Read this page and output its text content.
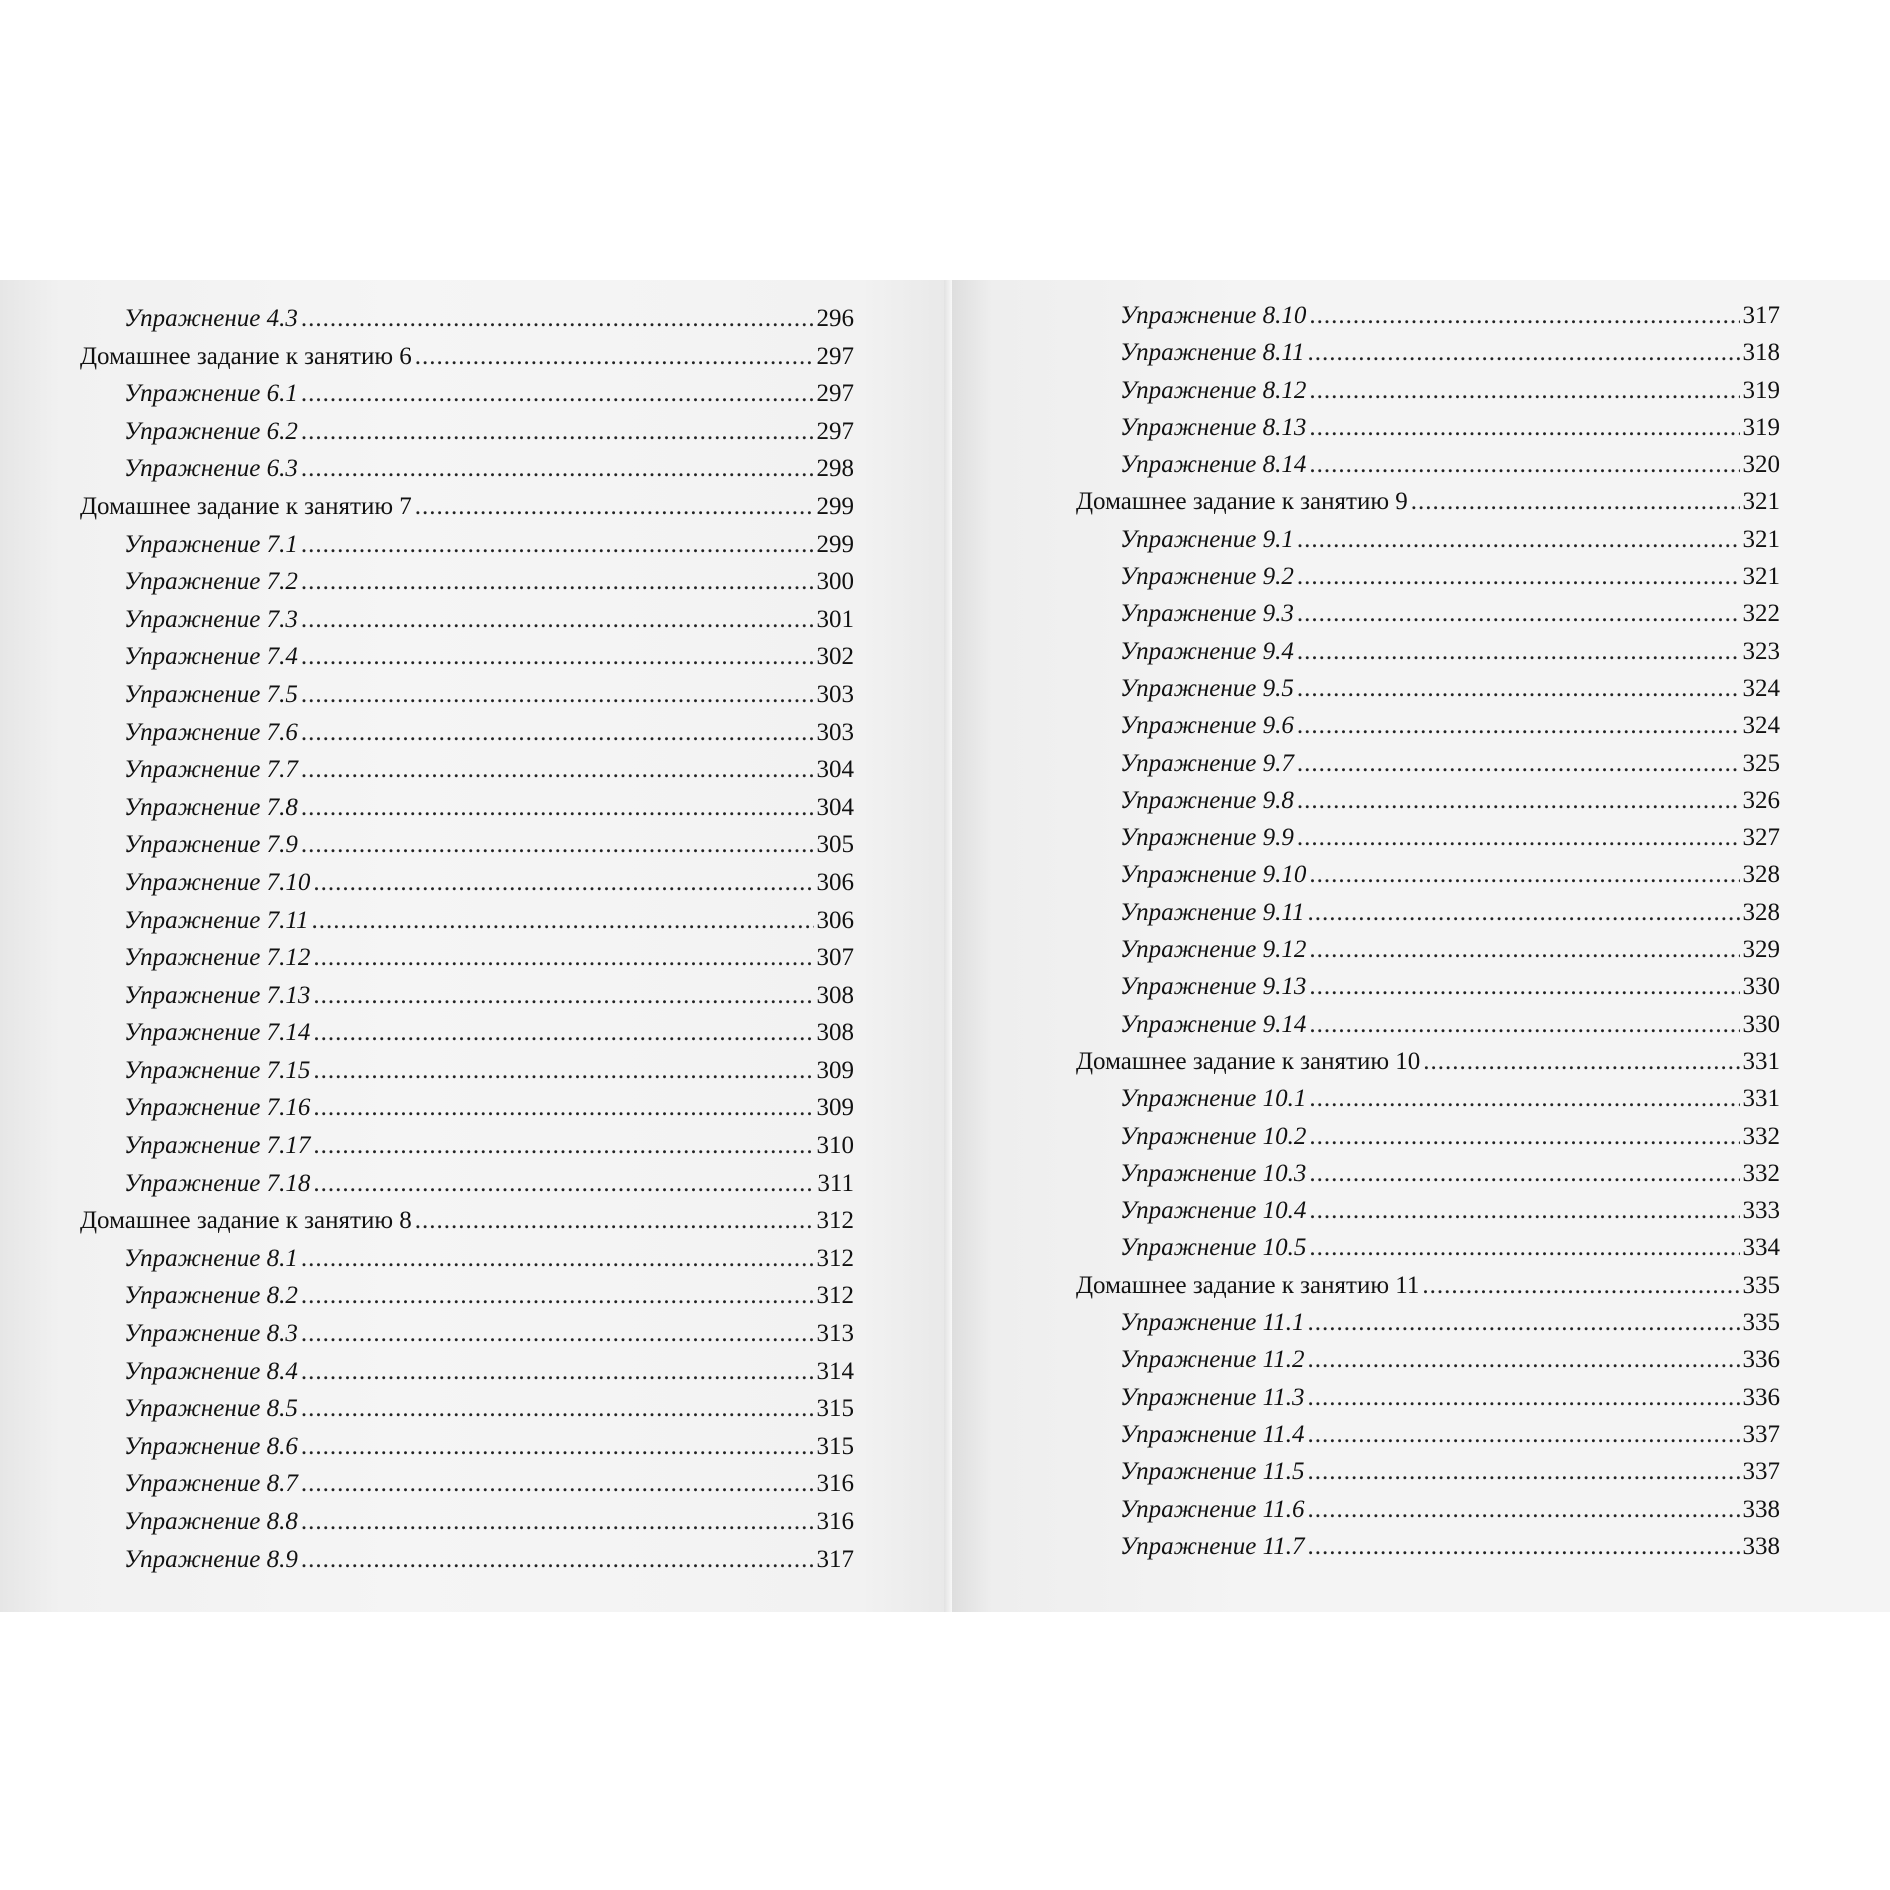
Упражнение 4.3 .....	296
Домашнее задание к занятию 6 .....	297
Упражнение 6.1 .....	297
Упражнение 6.2 .....	297
Упражнение 6.3 .....	298
Домашнее задание к занятию 7 .....	299
Упражнение 7.1 .....	299
Упражнение 7.2 .....	300
Упражнение 7.3 .....	301
Упражнение 7.4 .....	302
Упражнение 7.5 .....	303
Упражнение 7.6 .....	303
Упражнение 7.7 .....	304
Упражнение 7.8 .....	304
Упражнение 7.9 .....	305
Упражнение 7.10 .....	306
Упражнение 7.11 .....	306
Упражнение 7.12 .....	307
Упражнение 7.13 .....	308
Упражнение 7.14 .....	308
Упражнение 7.15 .....	309
Упражнение 7.16 .....	309
Упражнение 7.17 .....	310
Упражнение 7.18 .....	311
Домашнее задание к занятию 8 .....	312
Упражнение 8.1 .....	312
Упражнение 8.2 .....	312
Упражнение 8.3 .....	313
Упражнение 8.4 .....	314
Упражнение 8.5 .....	315
Упражнение 8.6 .....	315
Упражнение 8.7 .....	316
Упражнение 8.8 .....	316
Упражнение 8.9 .....	317
Упражнение 8.10 .....	317
Упражнение 8.11 .....	318
Упражнение 8.12 .....	319
Упражнение 8.13 .....	319
Упражнение 8.14 .....	320
Домашнее задание к занятию 9 .....	321
Упражнение 9.1 .....	321
Упражнение 9.2 .....	321
Упражнение 9.3 .....	322
Упражнение 9.4 .....	323
Упражнение 9.5 .....	324
Упражнение 9.6 .....	324
Упражнение 9.7 .....	325
Упражнение 9.8 .....	326
Упражнение 9.9 .....	327
Упражнение 9.10 .....	328
Упражнение 9.11 .....	328
Упражнение 9.12 .....	329
Упражнение 9.13 .....	330
Упражнение 9.14 .....	330
Домашнее задание к занятию 10 .....	331
Упражнение 10.1 .....	331
Упражнение 10.2 .....	332
Упражнение 10.3 .....	332
Упражнение 10.4 .....	333
Упражнение 10.5 .....	334
Домашнее задание к занятию 11 .....	335
Упражнение 11.1 .....	335
Упражнение 11.2 .....	336
Упражнение 11.3 .....	336
Упражнение 11.4 .....	337
Упражнение 11.5 .....	337
Упражнение 11.6 .....	338
Упражнение 11.7 .....	338
